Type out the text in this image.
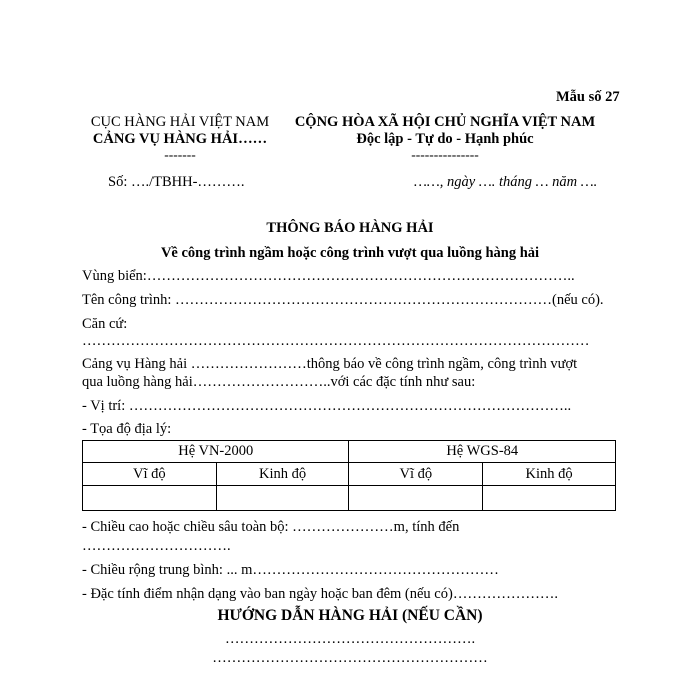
Mẫu số 27
CỤC HÀNG HẢI VIỆT NAM
CẢNG VỤ HÀNG HẢI……
-------
CỘNG HÒA XÃ HỘI CHỦ NGHĨA VIỆT NAM
Độc lập - Tự do - Hạnh phúc
---------------
Số: …./TBHH-……….	……, ngày …. tháng … năm ….
THÔNG BÁO HÀNG HẢI
Về công trình ngầm hoặc công trình vượt qua luồng hàng hải
Vùng biển:……………………………………………………………………………..
Tên công trình: ……………………………………………………………………(nếu có).
Căn cứ:
……………………………………………………………………………………………
Cảng vụ Hàng hải ……………………thông báo về công trình ngầm, công trình vượt
qua luồng hàng hải………………………..với các đặc tính như sau:
- Vị trí: ………………………………………………………………………………..
- Tọa độ địa lý:
Hệ VN-2000		Hệ WGS-84	
Vĩ độ	Kinh độ	Vĩ độ	Kinh độ

- Chiều cao hoặc chiều sâu toàn bộ: …………………m, tính đến
………………………….
- Chiều rộng trung bình: ... m……………………………………………
- Đặc tính điểm nhận dạng vào ban ngày hoặc ban đêm (nếu có)………………….
HƯỚNG DẪN HÀNG HẢI (NẾU CẦN)
…………………………………………….
…………………………………………………
